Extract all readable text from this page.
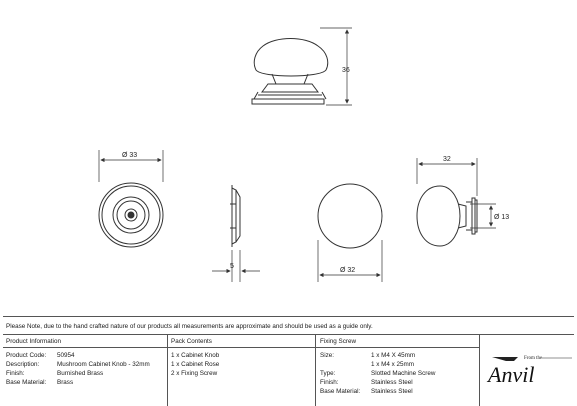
36
Ø 33
5
Ø 32
32
Ø 13
Please Note, due to the hand crafted nature of our products all measurements are approximate and should be used as a guide only.
Product Information	Pack Contents	Fixing Screw
Product Code: 50954
Description:	Mushroom Cabinet Knob - 32mm
Finish:	Burnished Brass
Base Material: Brass
1 x Cabinet Knob
1 x Cabinet Rose
2 x Fixing Screw
Size:	1 x M4 X 45mm
1 x M4 x 25mm
Type:	Slotted Machine Screw
Finish:	Stainless Steel
Base Material: Stainless Steel
From the
Anvil
